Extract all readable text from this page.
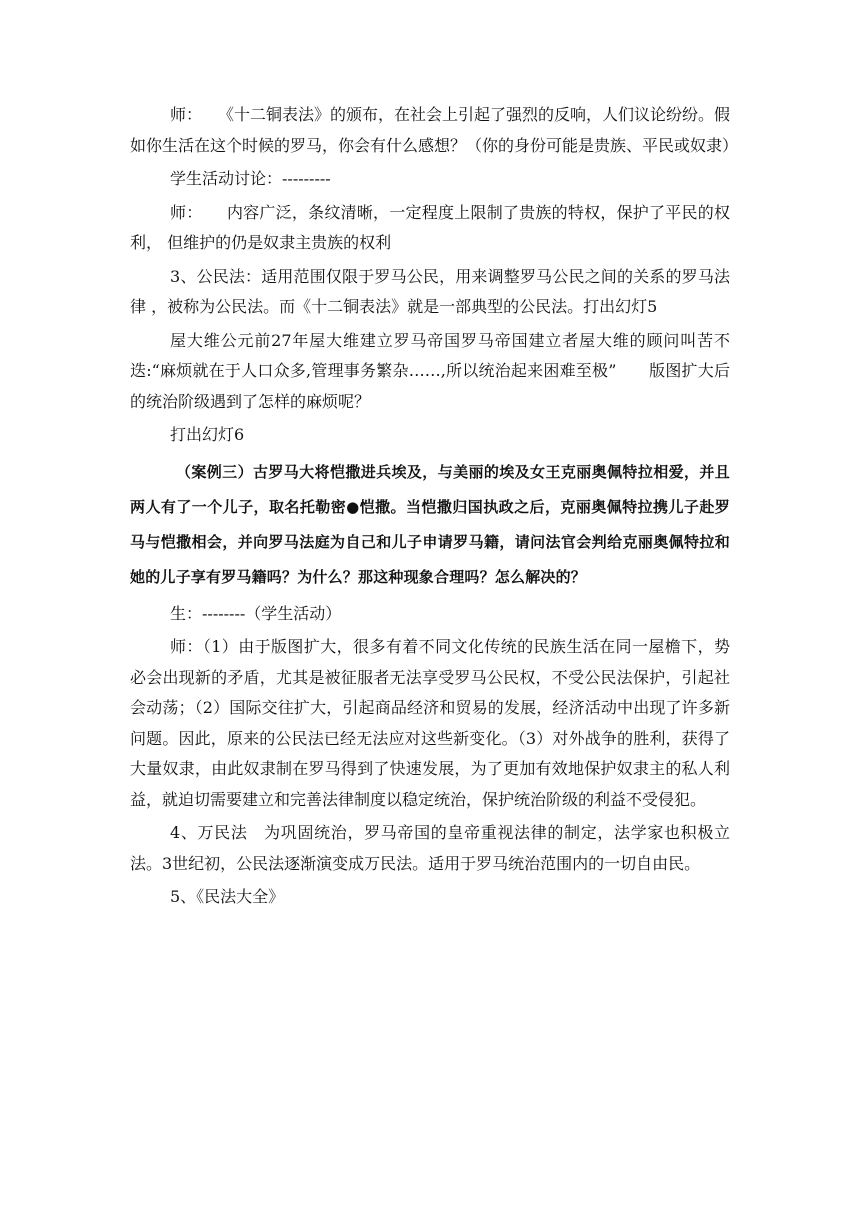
师：　　《十二铜表法》的颁布，在社会上引起了强烈的反响，人们议论纷纷。假如你生活在这个时候的罗马，你会有什么感想？（你的身份可能是贵族、平民或奴隶）

学生活动讨论：---------

师：　　内容广泛，条纹清晰，一定程度上限制了贵族的特权，保护了平民的权利， 但维护的仍是奴隶主贵族的权利

3、公民法：适用范围仅限于罗马公民，用来调整罗马公民之间的关系的罗马法律 ，被称为公民法。而《十二铜表法》就是一部典型的公民法。打出幻灯5

屋大维公元前27年屋大维建立罗马帝国罗马帝国建立者屋大维的顾问叫苦不迭:“麻烦就在于人口众多,管理事务繁杂……,所以统治起来困难至极”　　版图扩大后的统治阶级遇到了怎样的麻烦呢？

打出幻灯6

（案例三）古罗马大将恺撒进兵埃及，与美丽的埃及女王克丽奥佩特拉相爱，并且两人有了一个儿子，取名托勒密●恺撒。当恺撒归国执政之后，克丽奥佩特拉携儿子赴罗马与恺撒相会，并向罗马法庭为自己和儿子申请罗马籍，请问法官会判给克丽奥佩特拉和她的儿子享有罗马籍吗？为什么？那这种现象合理吗？怎么解决的？

生：--------（学生活动）

师：（1）由于版图扩大，很多有着不同文化传统的民族生活在同一屋檐下，势必会出现新的矛盾，尤其是被征服者无法享受罗马公民权，不受公民法保护，引起社会动荡；（2）国际交往扩大，引起商品经济和贸易的发展，经济活动中出现了许多新问题。因此，原来的公民法已经无法应对这些新变化。（3）对外战争的胜利，获得了大量奴隶，由此奴隶制在罗马得到了快速发展，为了更加有效地保护奴隶主的私人利益，就迫切需要建立和完善法律制度以稳定统治，保护统治阶级的利益不受侵犯。

4、万民法　为巩固统治，罗马帝国的皇帝重视法律的制定，法学家也积极立法。3世纪初，公民法逐渐演变成万民法。适用于罗马统治范围内的一切自由民。

5、《民法大全》
